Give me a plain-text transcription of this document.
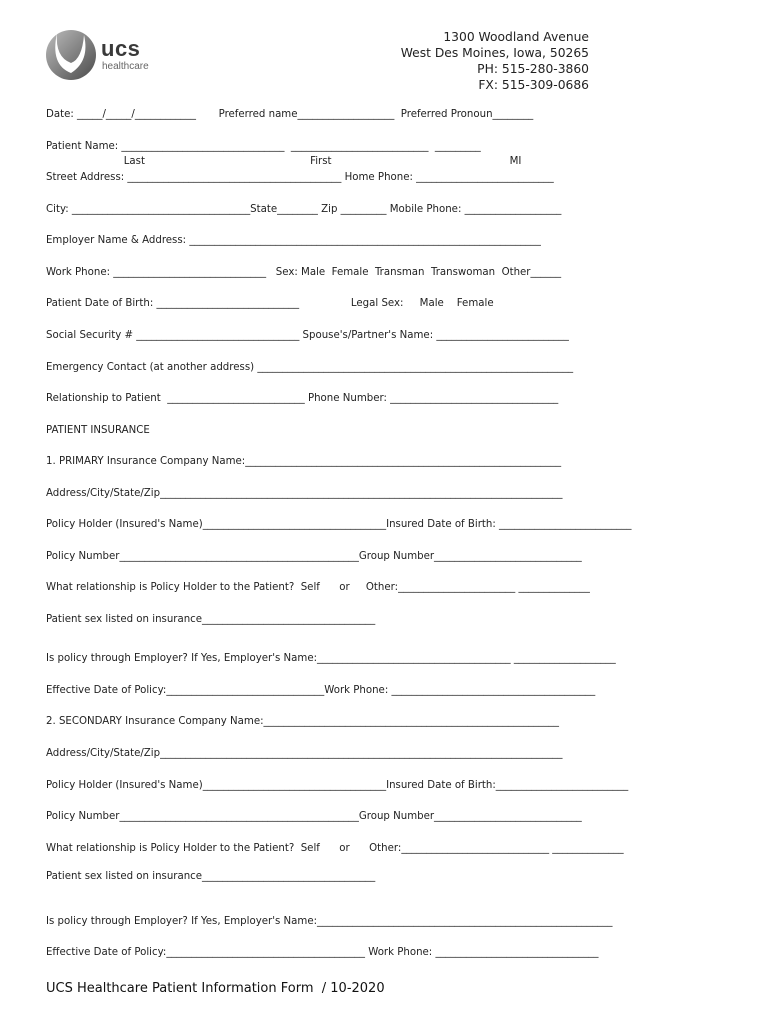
ucs
healthcare
1300 Woodland Avenue
West Des Moines, Iowa, 50265
PH: 515-280-3860
FX: 515-309-0686
Date: _____/_____/____________       Preferred name___________________  Preferred Pronoun________
Patient Name: ________________________________  ___________________________  _________
Last                                                   First                                                       MI
Street Address: __________________________________________ Home Phone: ___________________________
City: ___________________________________State________ Zip _________ Mobile Phone: ___________________
Employer Name & Address: _____________________________________________________________________
Work Phone: ______________________________   Sex: Male  Female  Transman  Transwoman  Other______
Patient Date of Birth: ____________________________                Legal Sex:     Male    Female
Social Security # ________________________________ Spouse's/Partner's Name: __________________________
Emergency Contact (at another address) ______________________________________________________________
Relationship to Patient  ___________________________ Phone Number: _________________________________
PATIENT INSURANCE
1. PRIMARY Insurance Company Name:______________________________________________________________
Address/City/State/Zip_______________________________________________________________________________
Policy Holder (Insured's Name)____________________________________Insured Date of Birth: __________________________
Policy Number_______________________________________________Group Number_____________________________
What relationship is Policy Holder to the Patient?  Self      or     Other:_______________________ ______________
Patient sex listed on insurance__________________________________
Is policy through Employer? If Yes, Employer's Name:______________________________________ ____________________
Effective Date of Policy:_______________________________Work Phone: ________________________________________
2. SECONDARY Insurance Company Name:__________________________________________________________
Address/City/State/Zip_______________________________________________________________________________
Policy Holder (Insured's Name)____________________________________Insured Date of Birth:__________________________
Policy Number_______________________________________________Group Number_____________________________
What relationship is Policy Holder to the Patient?  Self      or      Other:_____________________________ ______________
Patient sex listed on insurance__________________________________
Is policy through Employer? If Yes, Employer's Name:__________________________________________________________
Effective Date of Policy:_______________________________________ Work Phone: ________________________________
UCS Healthcare Patient Information Form  / 10-2020
